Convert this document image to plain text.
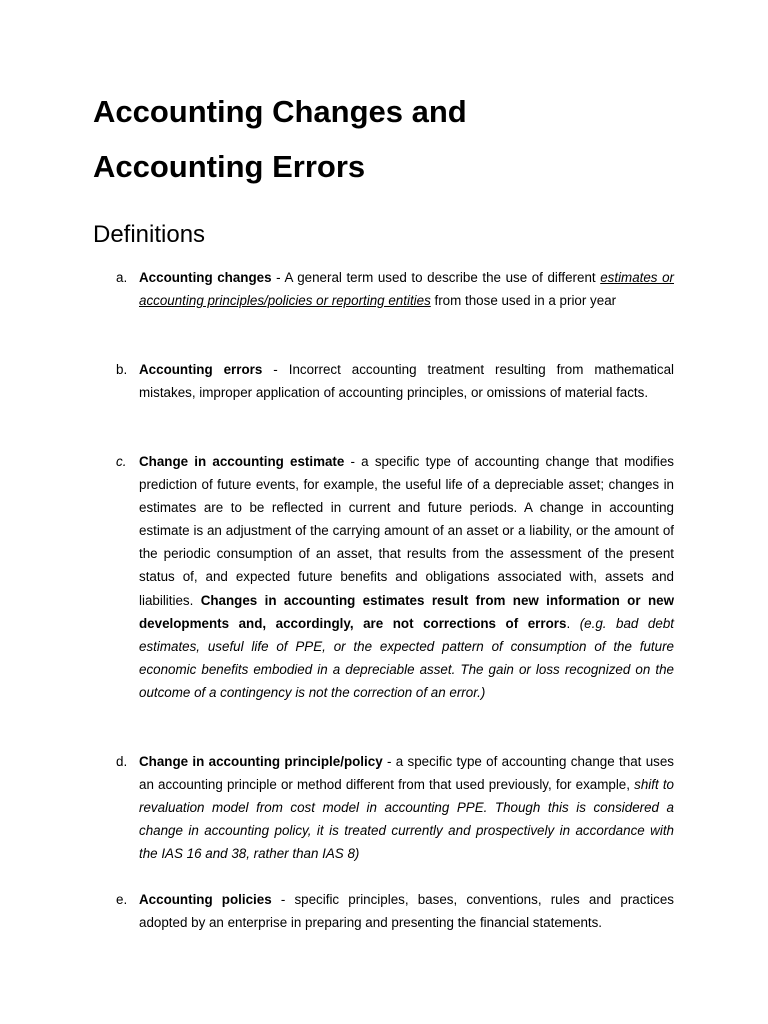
Accounting Changes and
Accounting Errors
Definitions
a. Accounting changes - A general term used to describe the use of different estimates or accounting principles/policies or reporting entities from those used in a prior year
b. Accounting errors - Incorrect accounting treatment resulting from mathematical mistakes, improper application of accounting principles, or omissions of material facts.
c. Change in accounting estimate - a specific type of accounting change that modifies prediction of future events, for example, the useful life of a depreciable asset; changes in estimates are to be reflected in current and future periods. A change in accounting estimate is an adjustment of the carrying amount of an asset or a liability, or the amount of the periodic consumption of an asset, that results from the assessment of the present status of, and expected future benefits and obligations associated with, assets and liabilities. Changes in accounting estimates result from new information or new developments and, accordingly, are not corrections of errors. (e.g. bad debt estimates, useful life of PPE, or the expected pattern of consumption of the future economic benefits embodied in a depreciable asset. The gain or loss recognized on the outcome of a contingency is not the correction of an error.)
d. Change in accounting principle/policy - a specific type of accounting change that uses an accounting principle or method different from that used previously, for example, shift to revaluation model from cost model in accounting PPE. Though this is considered a change in accounting policy, it is treated currently and prospectively in accordance with the IAS 16 and 38, rather than IAS 8)
e. Accounting policies - specific principles, bases, conventions, rules and practices adopted by an enterprise in preparing and presenting the financial statements.
